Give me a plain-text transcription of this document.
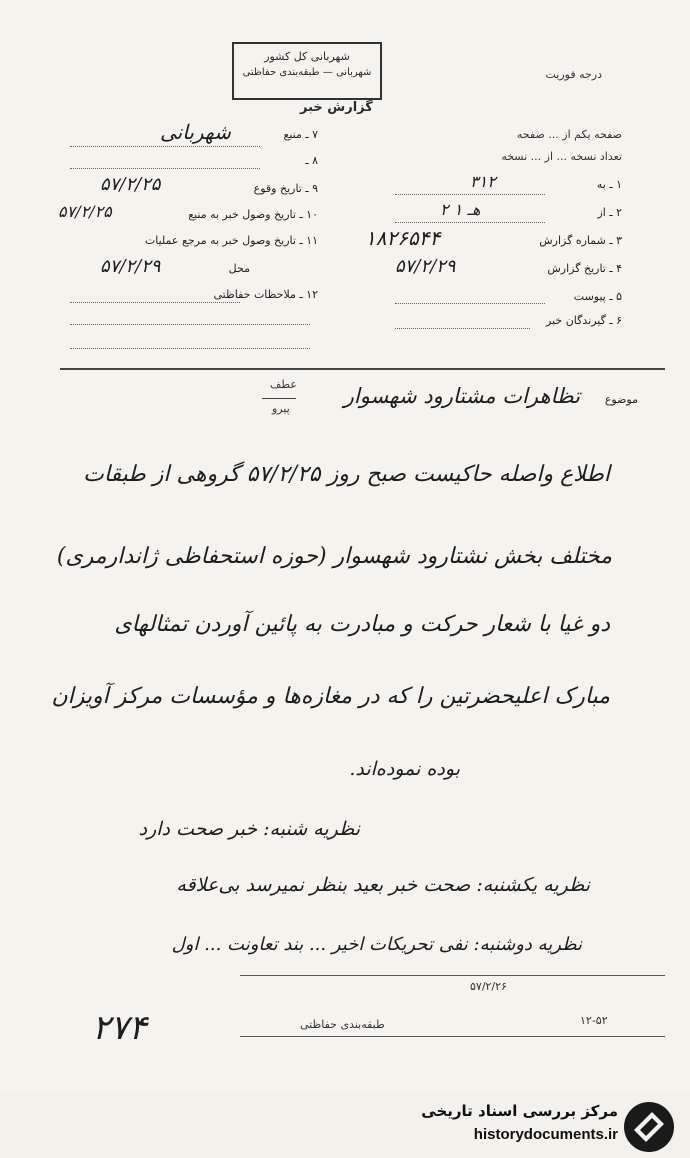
شهربانی کل کشور
شهربانی — طبقه‌بندی حفاظتی	درجه فوریت
گزارش خبر
صفحه یکم از ... صفحه
تعداد نسخه ... از ... نسخه
۱ ـ به
۳۱۲
۲ ـ از
۲ هـ ۱
۳ ـ شماره گزارش
۱۸۲۶۵۴۴
۴ ـ تاریخ گزارش
۵۷/۲/۲۹
۵ ـ پیوست
۶ ـ گیرندگان خبر
۷ ـ منبع
شهربانی
۸ ـ
۹ ـ تاریخ وقوع
۵۷/۲/۲۵
۱۰ ـ تاریخ وصول خبر به منبع
۵۷/۲/۲۵
۱۱ ـ تاریخ وصول خبر به مرجع عملیات
محل
۵۷/۲/۲۹
۱۲ ـ ملاحظات حفاظتی
موضوع
تظاهرات مشتارود شهسوار
عطف
پیرو
اطلاع واصله حاکیست صبح روز ۵۷/۲/۲۵ گروهی از طبقات
مختلف بخش نشتارود شهسوار (حوزه استحفاظی ژاندارمری)
دو غیا با شعار حرکت و مبادرت به پائین آوردن تمثالهای
مبارک اعلیحضرتین را که در مغازه‌ها و مؤسسات مرکز آویزان
بوده نموده‌اند.
نظریه شنبه: خبر صحت دارد
نظریه یکشنبه: صحت خبر بعید بنظر نمیرسد بی‌علاقه
نظریه دوشنبه: نفی تحریکات اخیر ... بند تعاونت ... اول
۵۷/۲/۲۶
۱۲-۵۲
طبقه‌بندی حفاظتی
۲۷۴
مرکز بررسی اسناد تاریخی
historydocuments.ir
